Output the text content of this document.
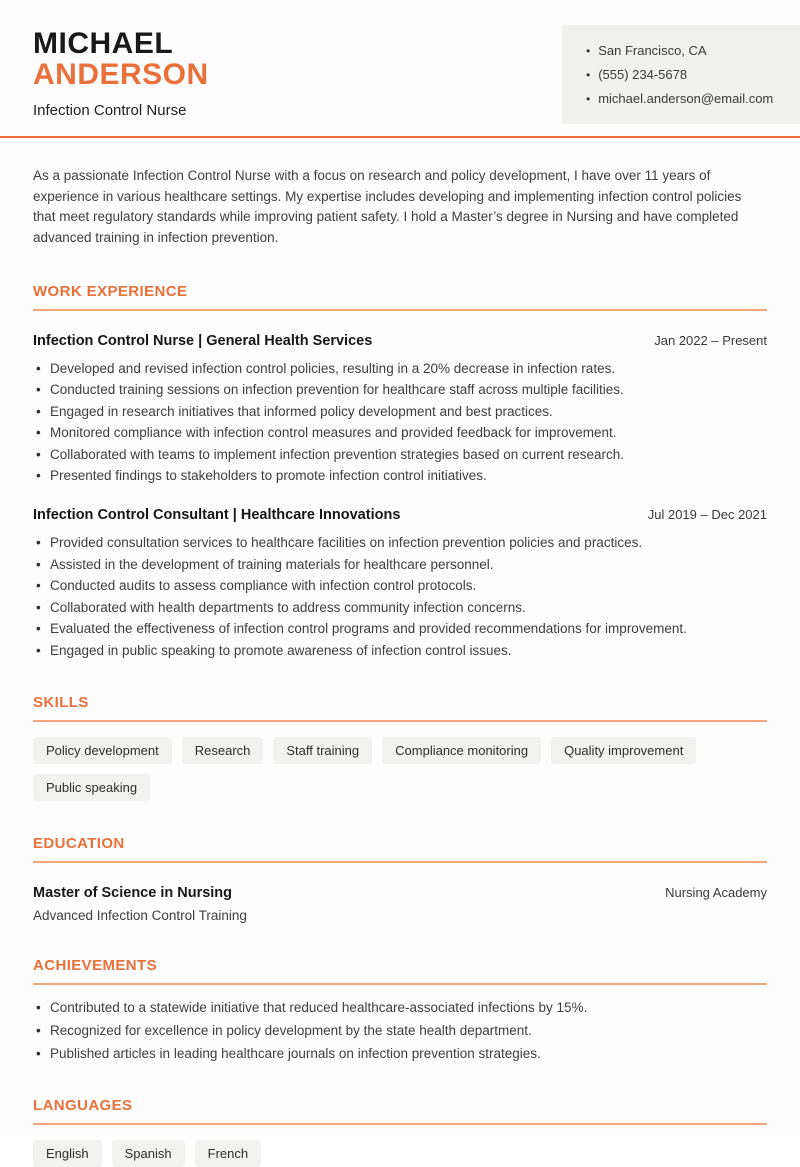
MICHAEL
ANDERSON
Infection Control Nurse
• San Francisco, CA
• (555) 234-5678
• michael.anderson@email.com

As a passionate Infection Control Nurse with a focus on research and policy development, I have over 11 years of experience in various healthcare settings. My expertise includes developing and implementing infection control policies that meet regulatory standards while improving patient safety. I hold a Master’s degree in Nursing and have completed advanced training in infection prevention.

WORK EXPERIENCE
Infection Control Nurse | General Health Services	Jan 2022 – Present
• Developed and revised infection control policies, resulting in a 20% decrease in infection rates.
• Conducted training sessions on infection prevention for healthcare staff across multiple facilities.
• Engaged in research initiatives that informed policy development and best practices.
• Monitored compliance with infection control measures and provided feedback for improvement.
• Collaborated with teams to implement infection prevention strategies based on current research.
• Presented findings to stakeholders to promote infection control initiatives.
Infection Control Consultant | Healthcare Innovations	Jul 2019 – Dec 2021
• Provided consultation services to healthcare facilities on infection prevention policies and practices.
• Assisted in the development of training materials for healthcare personnel.
• Conducted audits to assess compliance with infection control protocols.
• Collaborated with health departments to address community infection concerns.
• Evaluated the effectiveness of infection control programs and provided recommendations for improvement.
• Engaged in public speaking to promote awareness of infection control issues.
SKILLS
Policy development	Research	Staff training	Compliance monitoring	Quality improvement
Public speaking
EDUCATION
Master of Science in Nursing	Nursing Academy
Advanced Infection Control Training
ACHIEVEMENTS
• Contributed to a statewide initiative that reduced healthcare-associated infections by 15%.
• Recognized for excellence in policy development by the state health department.
• Published articles in leading healthcare journals on infection prevention strategies.
LANGUAGES
English	Spanish	French
